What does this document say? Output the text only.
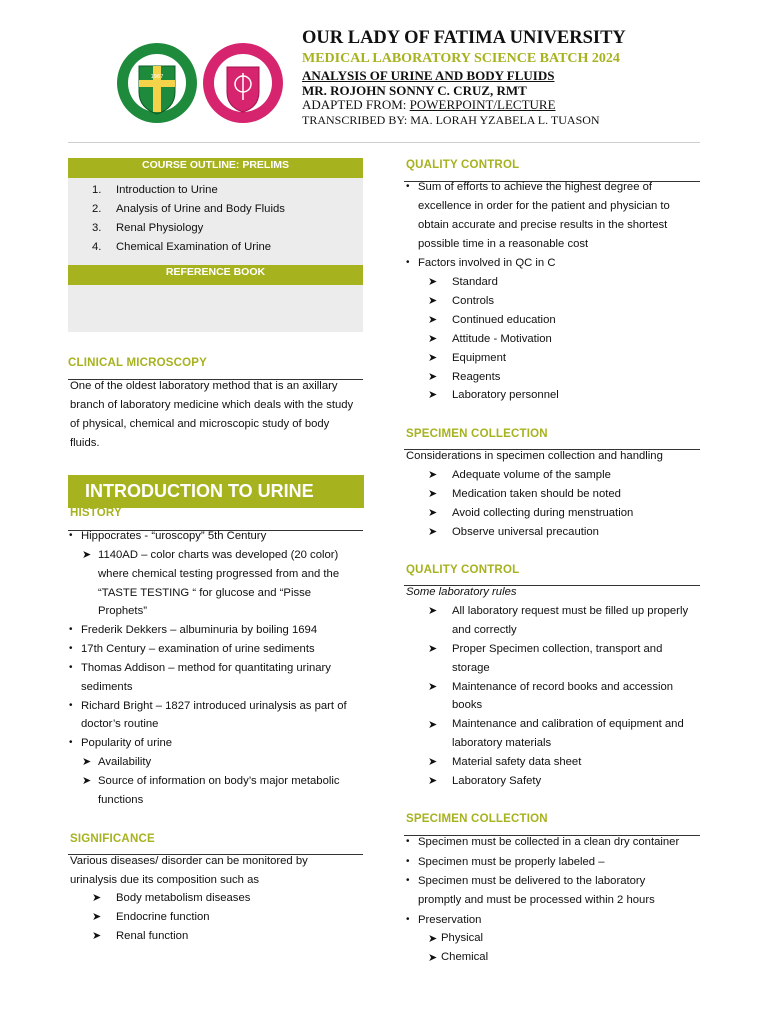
1967
OUR LADY OF FATIMA UNIVERSITY
MEDICAL LABORATORY SCIENCE BATCH 2024
ANALYSIS OF URINE AND BODY FLUIDS
MR. ROJOHN SONNY C. CRUZ, RMT
ADAPTED FROM: POWERPOINT/LECTURE
TRANSCRIBED BY: MA. LORAH YZABELA L. TUASON
COURSE OUTLINE: PRELIMS
1. Introduction to Urine
2. Analysis of Urine and Body Fluids
3. Renal Physiology
4. Chemical Examination of Urine
REFERENCE BOOK
CLINICAL MICROSCOPY
One of the oldest laboratory method that is an axillary
branch of laboratory medicine which deals with the study
of physical, chemical and microscopic study of body
fluids.
INTRODUCTION TO URINE
HISTORY
• Hippocrates - “uroscopy” 5th Century
➤ 1140AD – color charts was developed (20 color)
where chemical testing progressed from and the
“TASTE TESTING “ for glucose and “Pisse
Prophets”
• Frederik Dekkers – albuminuria by boiling 1694
• 17th Century – examination of urine sediments
• Thomas Addison – method for quantitating urinary
sediments
• Richard Bright – 1827 introduced urinalysis as part of
doctor’s routine
• Popularity of urine
➤ Availability
➤ Source of information on body’s major metabolic
functions
SIGNIFICANCE
Various diseases/ disorder can be monitored by
urinalysis due its composition such as
➤ Body metabolism diseases
➤ Endocrine function
➤ Renal function
QUALITY CONTROL
• Sum of efforts to achieve the highest degree of
excellence in order for the patient and physician to
obtain accurate and precise results in the shortest
possible time in a reasonable cost
• Factors involved in QC in C
➤ Standard
➤ Controls
➤ Continued education
➤ Attitude - Motivation
➤ Equipment
➤ Reagents
➤ Laboratory personnel
SPECIMEN COLLECTION
Considerations in specimen collection and handling
➤ Adequate volume of the sample
➤ Medication taken should be noted
➤ Avoid collecting during menstruation
➤ Observe universal precaution
QUALITY CONTROL
Some laboratory rules
➤ All laboratory request must be filled up properly
and correctly
➤ Proper Specimen collection, transport and
storage
➤ Maintenance of record books and accession
books
➤ Maintenance and calibration of equipment and
laboratory materials
➤ Material safety data sheet
➤ Laboratory Safety
SPECIMEN COLLECTION
• Specimen must be collected in a clean dry container
• Specimen must be properly labeled –
• Specimen must be delivered to the laboratory
promptly and must be processed within 2 hours
• Preservation
➤ Physical
➤ Chemical
